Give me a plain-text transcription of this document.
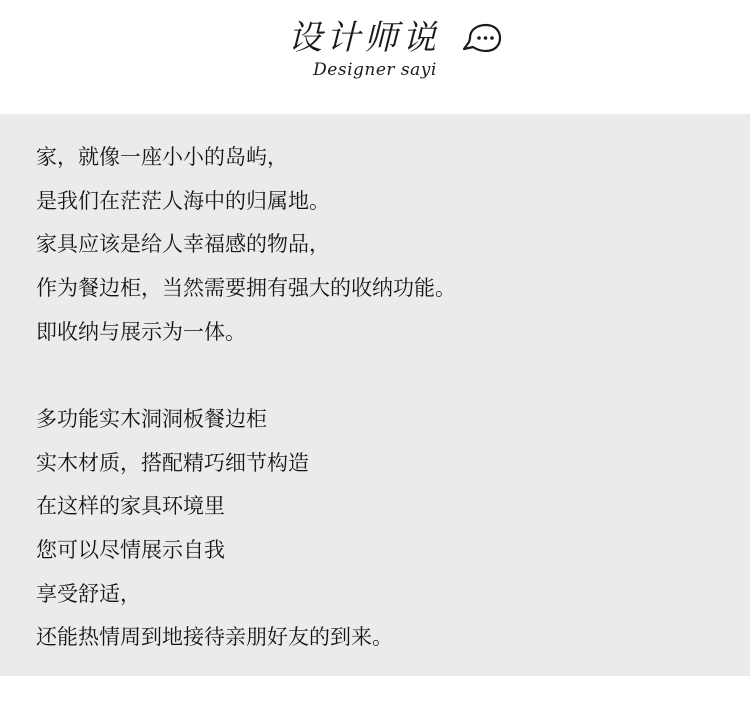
设计师说
Designer sayi
家，就像一座小小的岛屿，
是我们在茫茫人海中的归属地。
家具应该是给人幸福感的物品，
作为餐边柜，当然需要拥有强大的收纳功能。
即收纳与展示为一体。
多功能实木洞洞板餐边柜
实木材质，搭配精巧细节构造
在这样的家具环境里
您可以尽情展示自我
享受舒适，
还能热情周到地接待亲朋好友的到来。
